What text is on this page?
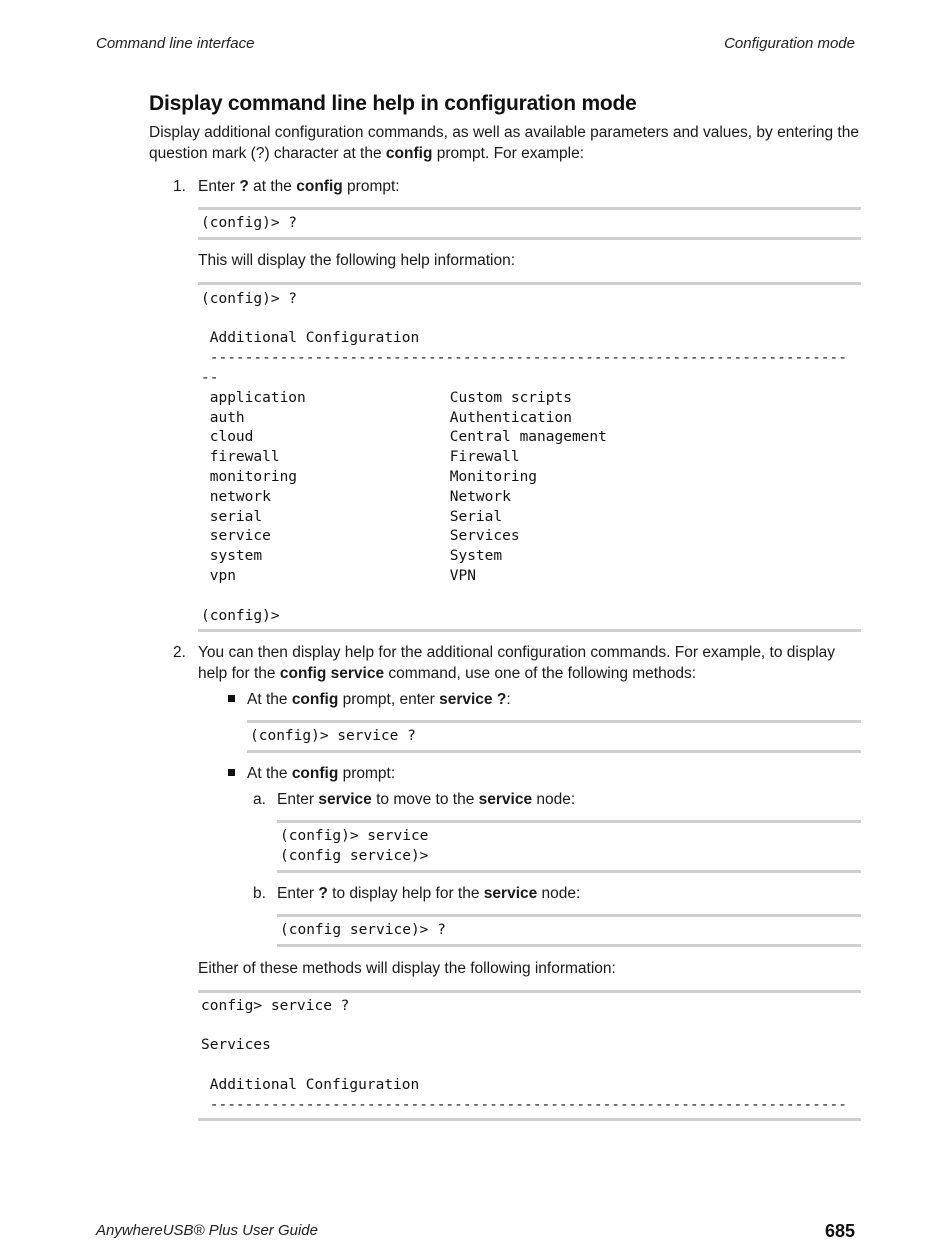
Command line interface	Configuration mode
Display command line help in configuration mode

Display additional configuration commands, as well as available parameters and values, by entering the question mark (?) character at the config prompt. For example:

1. Enter ? at the config prompt:

(config)> ?

This will display the following help information:

(config)> ?
Additional Configuration
-------------------------------------------------------------------------
--
application	Custom scripts
auth	Authentication
cloud	Central management
firewall	Firewall
monitoring	Monitoring
network	Network
serial	Serial
service	Services
system	System
vpn	VPN
(config)>
2. You can then display help for the additional configuration commands. For example, to display help for the config service command, use one of the following methods:

At the config prompt, enter service ?:

(config)> service ?

At the config prompt:

a. Enter service to move to the service node:

(config)> service
(config service)>
b. Enter ? to display help for the service node:

(config service)> ?

Either of these methods will display the following information:

config> service ?
Services
Additional Configuration
-------------------------------------------------------------------------
AnywhereUSB® Plus User Guide	685
